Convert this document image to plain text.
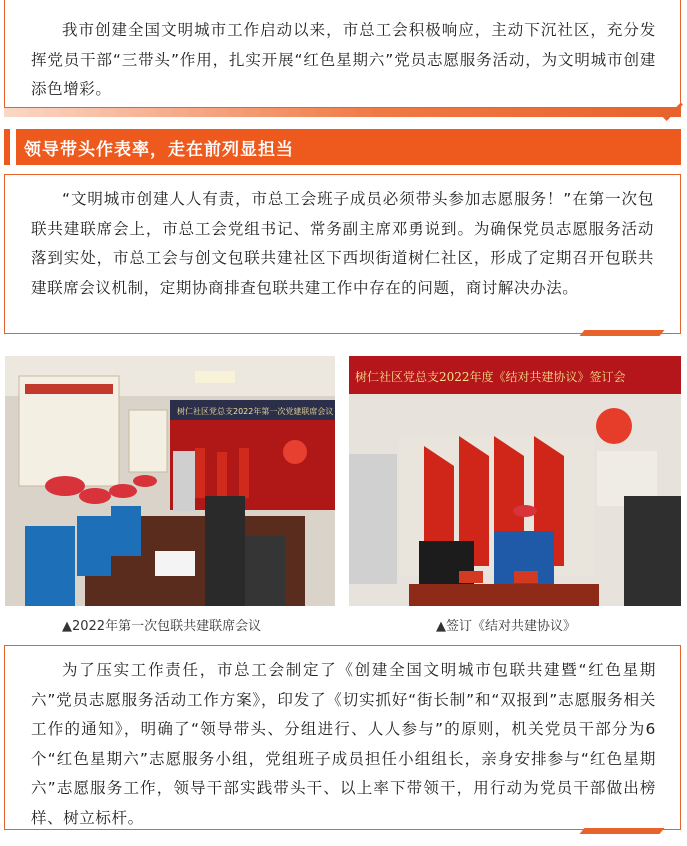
我市创建全国文明城市工作启动以来，市总工会积极响应，主动下沉社区，充分发挥党员干部“三带头”作用，扎实开展“红色星期六”党员志愿服务活动，为文明城市创建添色增彩。

领导带头作表率，走在前列显担当

“文明城市创建人人有责，市总工会班子成员必须带头参加志愿服务！”在第一次包联共建联席会上，市总工会党组书记、常务副主席邓勇说到。为确保党员志愿服务活动落到实处，市总工会与创文包联共建社区下西坝街道树仁社区，形成了定期召开包联共建联席会议机制，定期协商排查包联共建工作中存在的问题，商讨解决办法。

树仁社区党总支2022年第一次党建联席会议
▲2022年第一次包联共建联席会议
树仁社区党总支2022年度《结对共建协议》签订会
▲签订《结对共建协议》

为了压实工作责任，市总工会制定了《创建全国文明城市包联共建暨“红色星期六”党员志愿服务活动工作方案》，印发了《切实抓好“街长制”和“双报到”志愿服务相关工作的通知》，明确了“领导带头、分组进行、人人参与”的原则，机关党员干部分为6个“红色星期六”志愿服务小组，党组班子成员担任小组组长，亲身安排参与“红色星期六”志愿服务工作，领导干部实践带头干、以上率下带领干，用行动为党员干部做出榜样、树立标杆。
